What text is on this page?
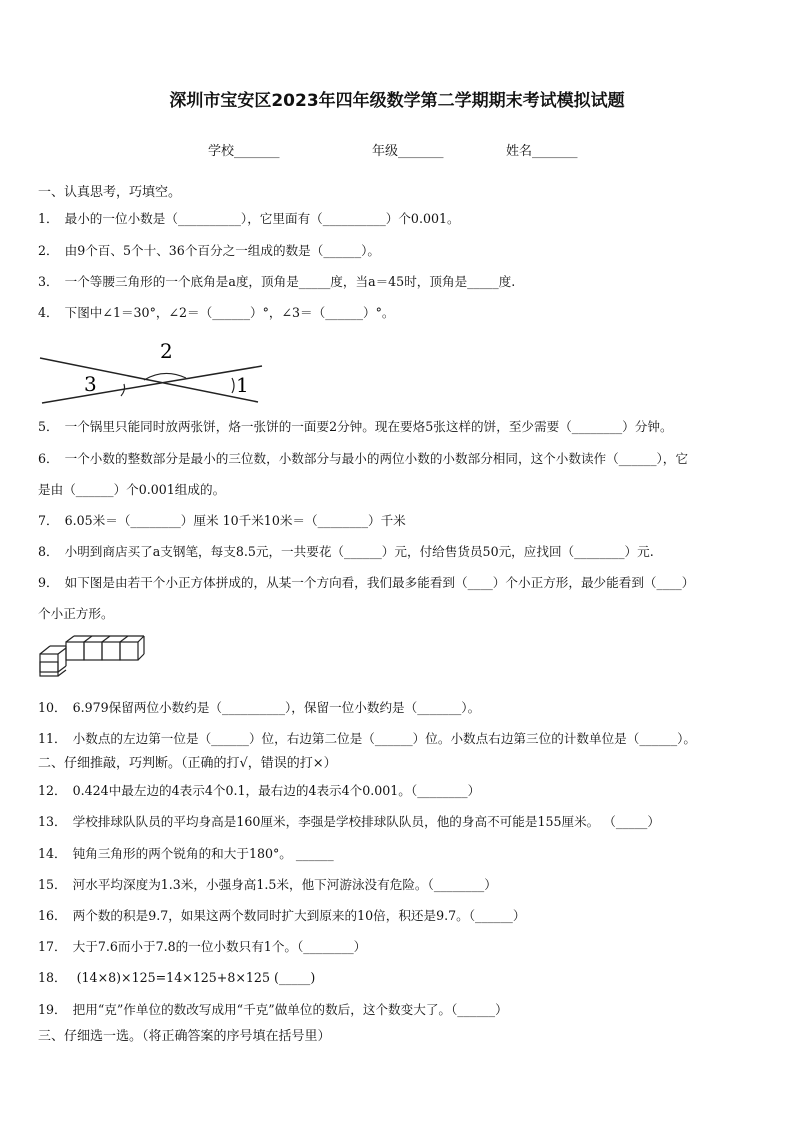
深圳市宝安区2023年四年级数学第二学期期末考试模拟试题
学校_______	年级_______	姓名_______
一、认真思考，巧填空。
1． 最小的一位小数是（__________），它里面有（__________）个0.001。
2． 由9个百、5个十、36个百分之一组成的数是（______）。
3． 一个等腰三角形的一个底角是a度，顶角是_____度，当a＝45时，顶角是_____度.
4． 下图中∠1＝30°，∠2＝（______）°，∠3＝（______）°。
2
3	1
5． 一个锅里只能同时放两张饼，烙一张饼的一面要2分钟。现在要烙5张这样的饼，至少需要（________）分钟。
6． 一个小数的整数部分是最小的三位数，小数部分与最小的两位小数的小数部分相同，这个小数读作（______），它
是由（______）个0.001组成的。
7． 6.05米＝（________）厘米 10千米10米＝（________）千米
8． 小明到商店买了a支钢笔，每支8.5元，一共要花（______）元，付给售货员50元，应找回（________）元.
9． 如下图是由若干个小正方体拼成的，从某一个方向看，我们最多能看到（____）个小正方形，最少能看到（____）
个小正方形。
10． 6.979保留两位小数约是（__________），保留一位小数约是（_______）。
11． 小数点的左边第一位是（______）位，右边第二位是（______）位。小数点右边第三位的计数单位是（______）。
二、仔细推敲，巧判断。（正确的打√，错误的打×）
12． 0.424中最左边的4表示4个0.1，最右边的4表示4个0.001。（________）
13． 学校排球队队员的平均身高是160厘米，李强是学校排球队队员，他的身高不可能是155厘米。 （_____）
14． 钝角三角形的两个锐角的和大于180°。 ______
15． 河水平均深度为1.3米，小强身高1.5米，他下河游泳没有危险。（________）
16． 两个数的积是9.7，如果这两个数同时扩大到原来的10倍，积还是9.7。（______）
17． 大于7.6而小于7.8的一位小数只有1个。（________）
18． (14×8)×125=14×125+8×125 (_____)
19． 把用“克”作单位的数改写成用“千克”做单位的数后，这个数变大了。（______）
三、仔细选一选。（将正确答案的序号填在括号里）
